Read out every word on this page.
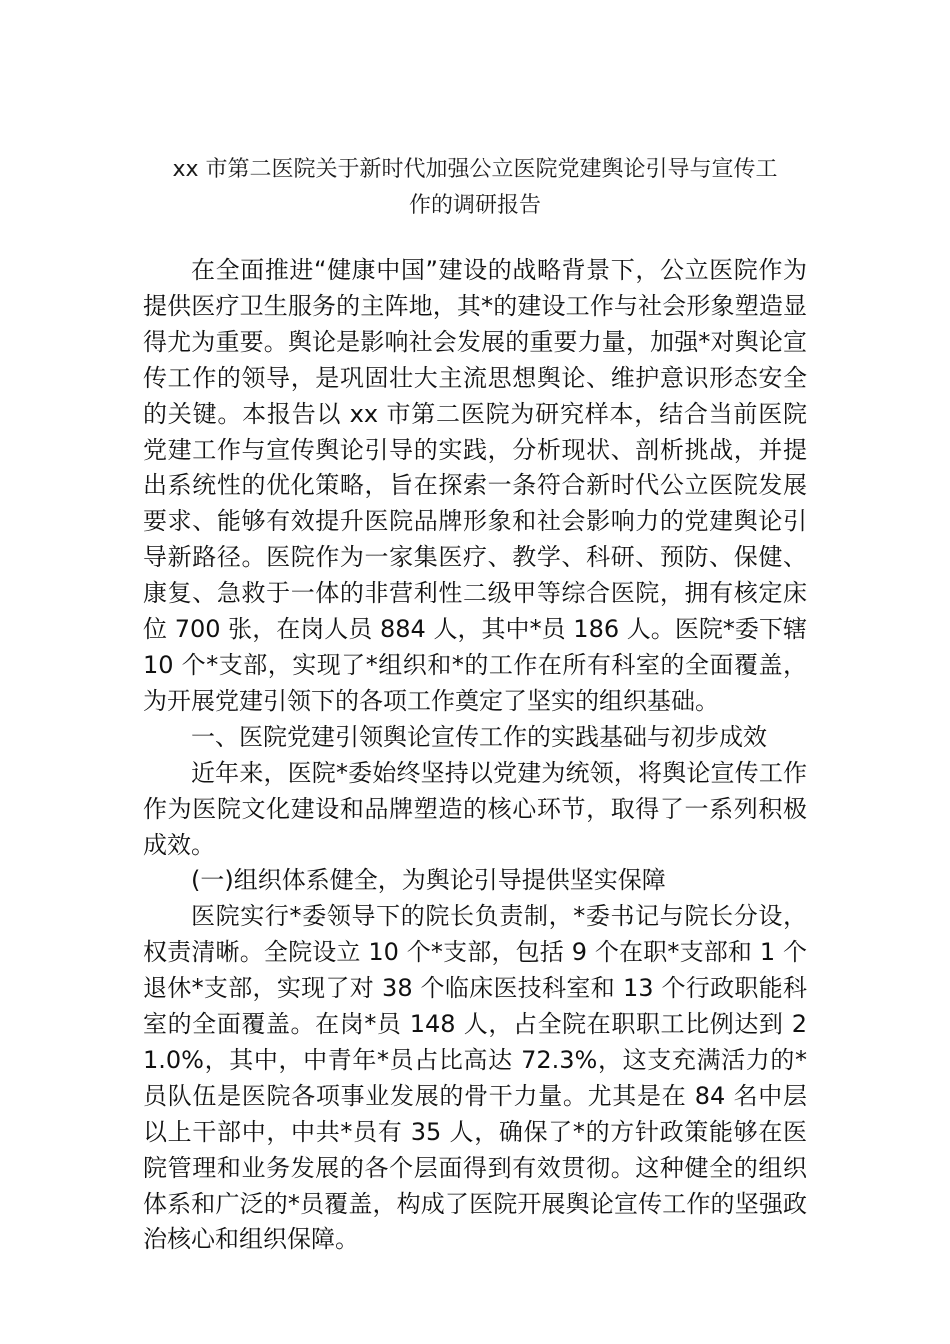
xx 市第二医院关于新时代加强公立医院党建舆论引导与宣传工
作的调研报告

在全面推进“健康中国”建设的战略背景下，公立医院作为提供医疗卫生服务的主阵地，其*的建设工作与社会形象塑造显得尤为重要。舆论是影响社会发展的重要力量，加强*对舆论宣传工作的领导，是巩固壮大主流思想舆论、维护意识形态安全的关键。本报告以 xx 市第二医院为研究样本，结合当前医院党建工作与宣传舆论引导的实践，分析现状、剖析挑战，并提出系统性的优化策略，旨在探索一条符合新时代公立医院发展要求、能够有效提升医院品牌形象和社会影响力的党建舆论引导新路径。医院作为一家集医疗、教学、科研、预防、保健、康复、急救于一体的非营利性二级甲等综合医院，拥有核定床位 700 张，在岗人员 884 人，其中*员 186 人。医院*委下辖 10 个*支部，实现了*组织和*的工作在所有科室的全面覆盖，为开展党建引领下的各项工作奠定了坚实的组织基础。

一、医院党建引领舆论宣传工作的实践基础与初步成效

近年来，医院*委始终坚持以党建为统领，将舆论宣传工作作为医院文化建设和品牌塑造的核心环节，取得了一系列积极成效。

(一)组织体系健全，为舆论引导提供坚实保障

医院实行*委领导下的院长负责制，*委书记与院长分设，权责清晰。全院设立 10 个*支部，包括 9 个在职*支部和 1 个退休*支部，实现了对 38 个临床医技科室和 13 个行政职能科室的全面覆盖。在岗*员 148 人，占全院在职职工比例达到 21.0%，其中，中青年*员占比高达 72.3%，这支充满活力的*员队伍是医院各项事业发展的骨干力量。尤其是在 84 名中层以上干部中，中共*员有 35 人，确保了*的方针政策能够在医院管理和业务发展的各个层面得到有效贯彻。这种健全的组织体系和广泛的*员覆盖，构成了医院开展舆论宣传工作的坚强政治核心和组织保障。
